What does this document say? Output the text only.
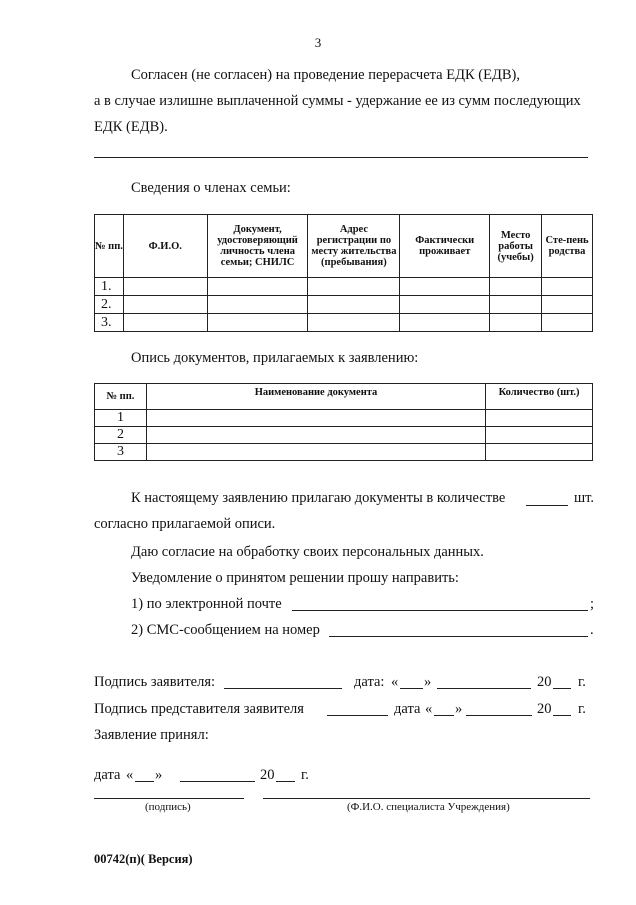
3
Согласен (не согласен) на проведение перерасчета ЕДК (ЕДВ),
а в случае излишне выплаченной суммы - удержание ее из сумм последующих
ЕДК (ЕДВ).
Сведения о членах семьи:
№ пп.	Ф.И.О.	Документ, удостоверяющий личность члена семьи; СНИЛС	Адрес регистрации по месту жительства (пребывания)	Фактически проживает	Место работы (учебы)	Сте-пень родства
1.						
2.						
3.						
Опись документов, прилагаемых к заявлению:
№ пп.	Наименование документа	Количество (шт.)
1		
2		
3		
К настоящему заявлению прилагаю документы в количестве	шт.
согласно прилагаемой описи.
Даю согласие на обработку своих персональных данных.
Уведомление о принятом решении прошу направить:
1) по электронной почте	;
2) СМС-сообщением на номер	.
Подпись заявителя:	дата: « »	20 г.
Подпись представителя заявителя	дата « »	20 г.
Заявление принял:
дата « »	20 г.
(подпись)	(Ф.И.О. специалиста Учреждения)
00742(п)( Версия)
